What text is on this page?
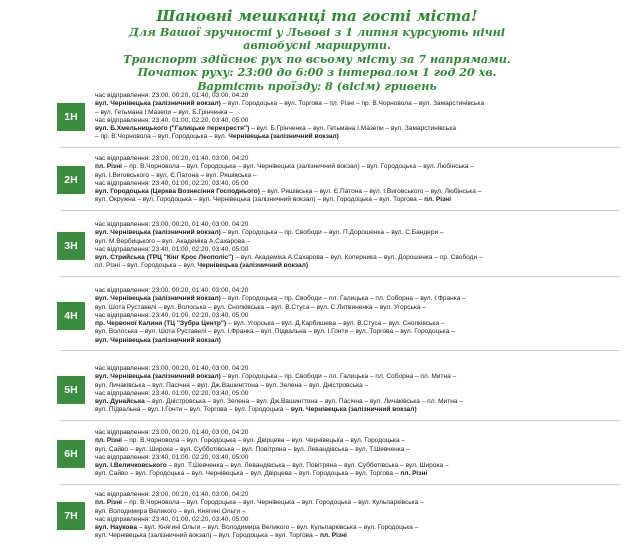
Шановні мешканці та гості міста!
Для Вашої зручності у Львові з 1 липня курсують нічні
автобусні маршрути.
Транспорт здійсноє рух по всьому місту за 7 напрямами.
Початок руху: 23:00 до 6:00 з інтервалом 1 год 20 хв.
Вартість проїзду: 8 (вісім) гривень
1Н
час відправлення: 23:00, 00:20, 01:40, 03:00, 04:20
вул. Чернівецька (залізничний вокзал) – вул. Городоцька – вул. Торгова – пл. Різні – пр. В.Чорновола – вул. Замарстинівська
– вул. Гетьмана І.Мазепи – вул. Б.Грінченка –
час відправлення: 23:40, 01:00, 02:20, 03:40, 05:00
вул. Б.Хмельницького ("Галицьке перехрестя") – вул. Б.Грінченка – вул. Гетьмана І.Мазепи – вул. Замарстинівська
– пр. В.Чорновола – вул. Городоцька – вул. Чернівецька (залізничний вокзал)
2Н
час відправлення: 23:00, 00:20, 01:40, 03:00, 04:20
пл. Різні – пр. В.Чорновола – вул. Городоцька – вул. Чернівецька (залізничний вокзал) – вул. Городоцька – вул. Любінська –
вул. І.Виговського – вул. Є.Патона – вул. Ряшівська –
час відправлення: 23:40, 01:00, 02:20, 03:40, 05:00
вул. Городоцька (Церква Вознесіння Господнього) – вул. Ряшівська – вул. Є.Патона – вул. І.Виговського – вул. Любінська –
вул. Окружна – вул. Городоцька – вул. Чернівецька (залізничний вокзал) – вул. Городоцька – вул. Торгова – пл. Різні
3Н
час відправлення: 23:00, 00:20, 01:40, 03:00, 04:20
вул. Чернівецька (залізничний вокзал) – вул. Городоцька – пр. Свободи – вул. П.Дорошенка – вул. С.Бандери –
вул. М.Вербицького – вул. Академіка А.Сахарова –
час відправлення: 23:40, 01:00, 02:20, 03:40, 05:00
вул. Стрийська (ТРЦ "Кінг Крос Леополіс") – вул. Академіка А.Сахарова – вул. Коперника – вул. Дорошенка – пр. Свободи –
пл. Різні – вул. Городоцька – вул. Чернівецька (залізничний вокзал)
4Н
час відправлення: 23:00, 00:20, 01:40, 03:00, 04:20
вул. Чернівецька (залізничний вокзал) – вул. Городоцька – пр. Свободи – пл. Галицька – пл. Соборна – вул. І.Франка –
вул. Шота Руставелі – вул. Волоська – вул. Снопківська – вул. В.Стуса – вул. С.Литвиненка – вул. Угорська –
час відправлення: 23:40, 01:00, 02:20, 03:40, 05:00
пр. Червоної Калини (ТЦ "Зубра Центр") – вул. Угорська – вул. Д.Карбишева – вул. В.Стуса – вул. Снопківська –
вул. Волоська – вул. Шота Руставелі – вул. І.Франка – вул. Підвальна – вул. І.Гонти – вул. Торгова – вул. Городоцька –
вул. Чернівецька (залізничний вокзал)
5Н
час відправлення: 23:00, 00:20, 01:40, 03:00, 04:20
вул. Чернівецька (залізничний вокзал) – вул. Городоцька – пр. Свободи – пл. Галицька – пл. Соборна – пл. Митна –
вул. Личаківська – вул. Пасічна – вул. Дж.Вашингтона – вул. Зелена – вул. Дністровська –
час відправлення: 23:40, 01:00, 02:20, 03:40, 05:00
вул. Дунайська – вул. Дністровська – вул. Зелена – вул. Дж.Вашингтона – вул. Пасічна – вул. Личаківська – пл. Митна –
вул. Підвальна – вул. І.Гонти – вул. Торгова – вул. Городоцька – вул. Чернівецька (залізничний вокзал)
6Н
час відправлення: 23:00, 00:20, 01:40, 03:00, 04:20
пл. Різні – пр. В.Чорновола – вул. Городоцька – вул. Двірцева – вул. Чернівецька – вул. Городоцька –
вул. Сайво – вул. Широка – вул. Субботівська – вул. Повітряна – вул. Левандівська – вул. Т.Шевченка –
час відправлення: 23:40, 01:00, 02:20, 03:40, 05:00
вул. І.Величковського – вул. Т.Шевченка – вул. Левандівська – вул. Повітряна – вул. Субботівська – вул. Широка –
вул. Сайво – вул. Городоцька – вул. Чернівецька – вул. Двірцева – вул. Городоцька – вул. Торгова – пл. Різні
7Н
час відправлення: 23:00, 00:20, 01:40, 03:00, 04:20
пл. Різні – пр. В.Чорновола – вул. Городоцька – вул. Чернівецька – вул. Городоцька – вул. Кульпарківська –
вул. Володимира Великого – вул. Княгині Ольги –
час відправлення: 23:40, 01:00, 02:20, 03:40, 05:00
вул. Наукова – вул. Княгині Ольги – вул. Володимира Великого – вул. Кульпарківська – вул. Городоцька –
вул. Чернівецька (залізничний вокзал) – вул. Городоцька – вул. Торгова – пл. Різні
